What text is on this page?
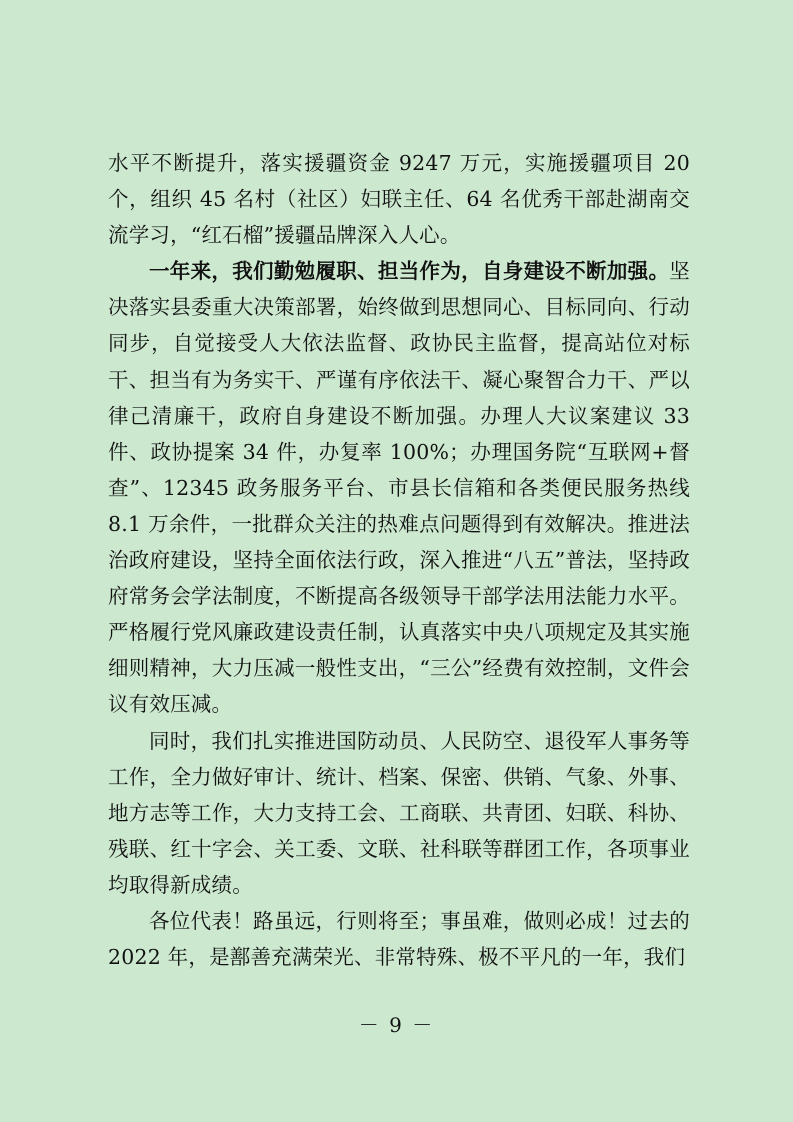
水平不断提升，落实援疆资金 9247 万元，实施援疆项目 20 个，组织 45 名村（社区）妇联主任、64 名优秀干部赴湖南交流学习，“红石榴”援疆品牌深入人心。

一年来，我们勤勉履职、担当作为，自身建设不断加强。坚决落实县委重大决策部署，始终做到思想同心、目标同向、行动同步，自觉接受人大依法监督、政协民主监督，提高站位对标干、担当有为务实干、严谨有序依法干、凝心聚智合力干、严以律己清廉干，政府自身建设不断加强。办理人大议案建议 33 件、政协提案 34 件，办复率 100%；办理国务院“互联网+督查”、12345 政务服务平台、市县长信箱和各类便民服务热线 8.1 万余件，一批群众关注的热难点问题得到有效解决。推进法治政府建设，坚持全面依法行政，深入推进“八五”普法，坚持政府常务会学法制度，不断提高各级领导干部学法用法能力水平。严格履行党风廉政建设责任制，认真落实中央八项规定及其实施细则精神，大力压减一般性支出，“三公”经费有效控制，文件会议有效压减。

同时，我们扎实推进国防动员、人民防空、退役军人事务等工作，全力做好审计、统计、档案、保密、供销、气象、外事、地方志等工作，大力支持工会、工商联、共青团、妇联、科协、残联、红十字会、关工委、文联、社科联等群团工作，各项事业均取得新成绩。

各位代表！路虽远，行则将至；事虽难，做则必成！过去的 2022 年，是鄯善充满荣光、非常特殊、极不平凡的一年，我们

－ 9 －
